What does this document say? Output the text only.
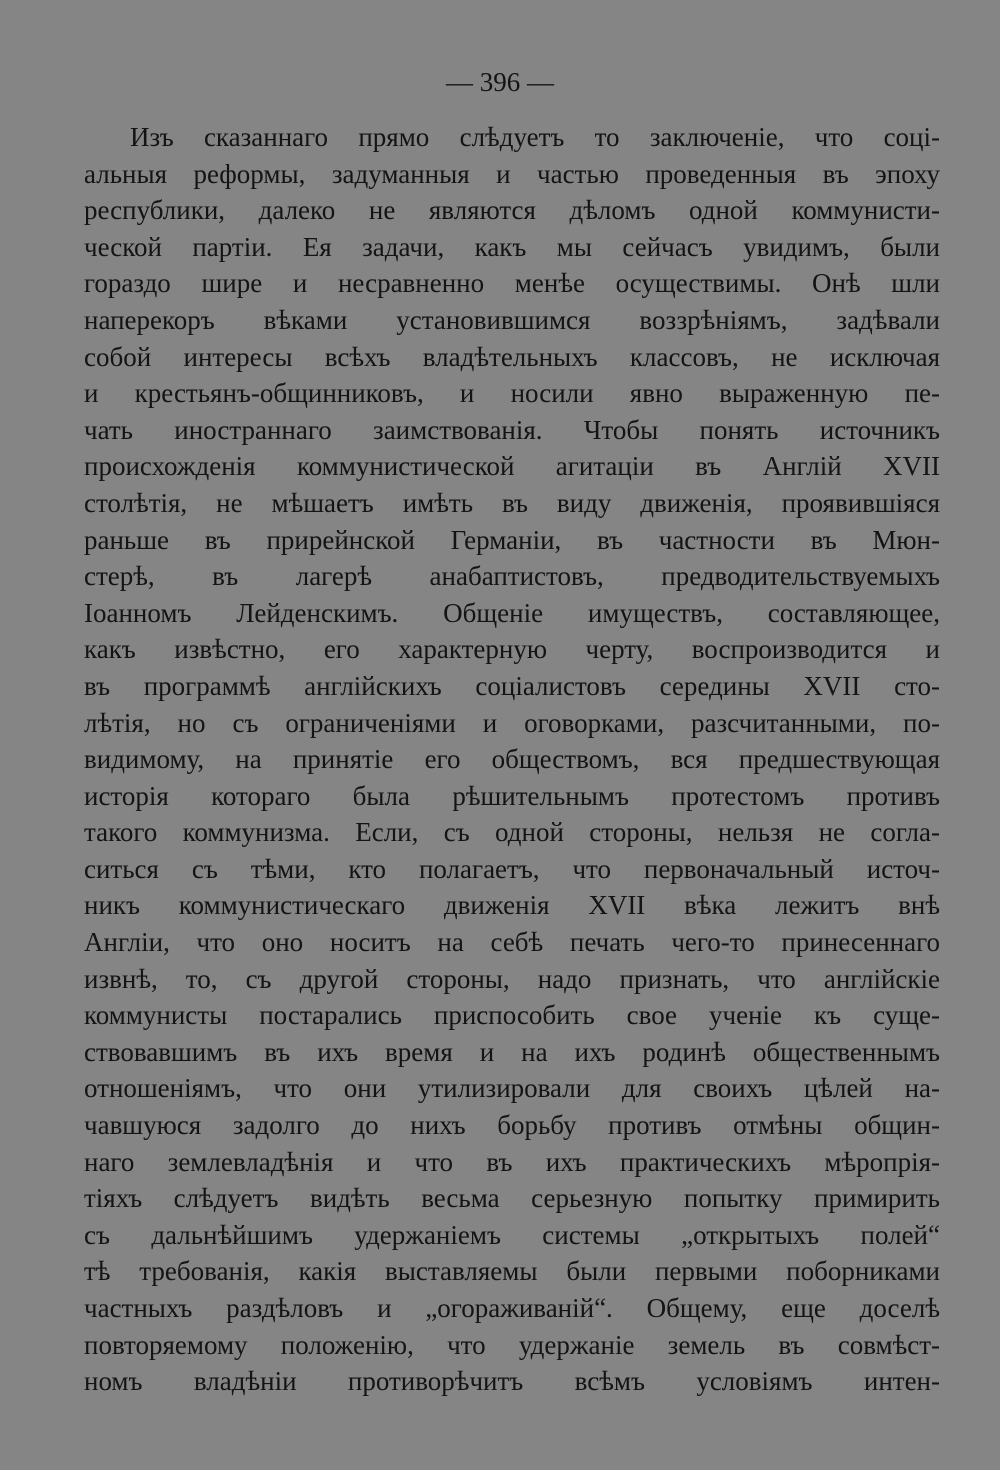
— 396 —
Изъ сказаннаго прямо слѣдуетъ то заключеніе, что соці-
альныя реформы, задуманныя и частью проведенныя въ эпоху
республики, далеко не являются дѣломъ одной коммунисти-
ческой партіи. Ея задачи, какъ мы сейчасъ увидимъ, были
гораздо шире и несравненно менѣе осуществимы. Онѣ шли
наперекоръ вѣками установившимся воззрѣніямъ, задѣвали
собой интересы всѣхъ владѣтельныхъ классовъ, не исключая
и крестьянъ-общинниковъ, и носили явно выраженную пе-
чать иностраннаго заимствованія. Чтобы понять источникъ
происхожденія коммунистической агитаціи въ Англій XVII
столѣтія, не мѣшаетъ имѣть въ виду движенія, проявившіяся
раньше въ прирейнской Германіи, въ частности въ Мюн-
стерѣ, въ лагерѣ анабаптистовъ, предводительствуемыхъ
Іоанномъ Лейденскимъ. Общеніе имуществъ, составляющее,
какъ извѣстно, его характерную черту, воспроизводится и
въ программѣ англійскихъ соціалистовъ середины XVII сто-
лѣтія, но съ ограниченіями и оговорками, разсчитанными, по-
видимому, на принятіе его обществомъ, вся предшествующая
исторія котораго была рѣшительнымъ протестомъ противъ
такого коммунизма. Если, съ одной стороны, нельзя не согла-
ситься съ тѣми, кто полагаетъ, что первоначальный источ-
никъ коммунистическаго движенія XVII вѣка лежитъ внѣ
Англіи, что оно носитъ на себѣ печать чего-то принесеннаго
извнѣ, то, съ другой стороны, надо признать, что англійскіе
коммунисты постарались приспособить свое ученіе къ суще-
ствовавшимъ въ ихъ время и на ихъ родинѣ общественнымъ
отношеніямъ, что они утилизировали для своихъ цѣлей на-
чавшуюся задолго до нихъ борьбу противъ отмѣны общин-
наго землевладѣнія и что въ ихъ практическихъ мѣропрія-
тіяхъ слѣдуетъ видѣть весьма серьезную попытку примирить
съ дальнѣйшимъ удержаніемъ системы „открытыхъ полей“
тѣ требованія, какія выставляемы были первыми поборниками
частныхъ раздѣловъ и „огораживаній“. Общему, еще доселѣ
повторяемому положенію, что удержаніе земель въ совмѣст-
номъ владѣніи противорѣчитъ всѣмъ условіямъ интен-
